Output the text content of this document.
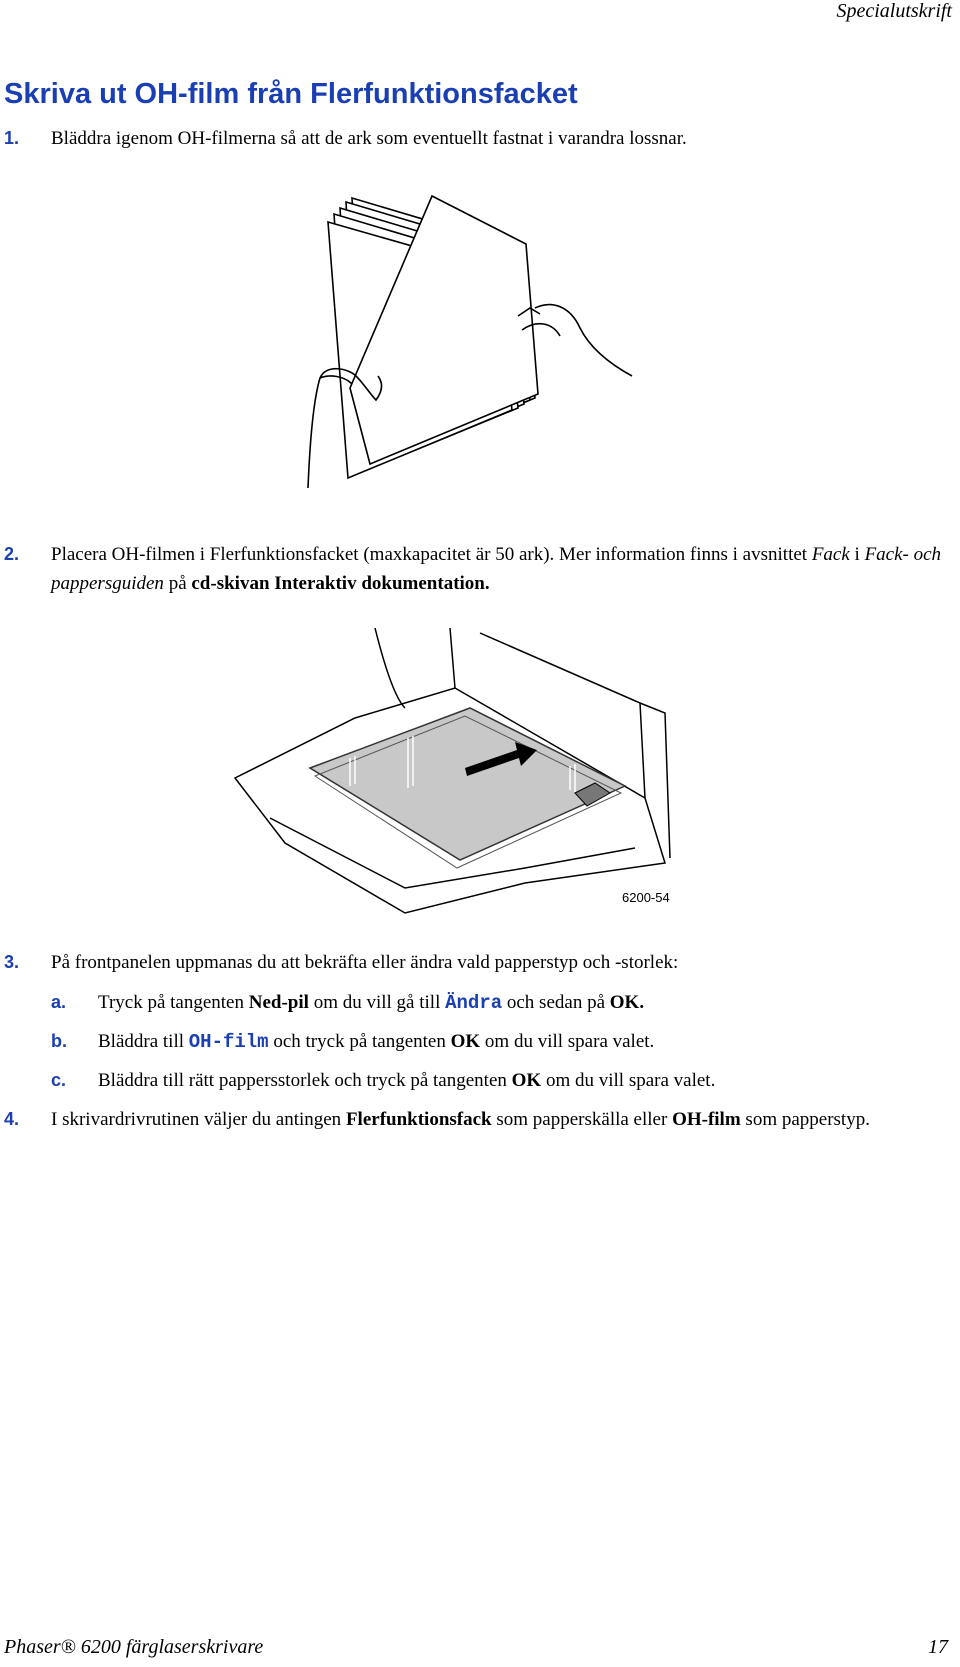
Specialutskrift
Skriva ut OH-film från Flerfunktionsfacket
1. Bläddra igenom OH-filmerna så att de ark som eventuellt fastnat i varandra lossnar.
2. Placera OH-filmen i Flerfunktionsfacket (maxkapacitet är 50 ark). Mer information finns i avsnittet Fack i Fack- och pappersguiden på cd-skivan Interaktiv dokumentation.
6200-54
3. På frontpanelen uppmanas du att bekräfta eller ändra vald papperstyp och -storlek:
a. Tryck på tangenten Ned-pil om du vill gå till Ändra och sedan på OK.
b. Bläddra till OH-film och tryck på tangenten OK om du vill spara valet.
c. Bläddra till rätt pappersstorlek och tryck på tangenten OK om du vill spara valet.
4. I skrivardrivrutinen väljer du antingen Flerfunktionsfack som papperskälla eller OH-film som papperstyp.
Phaser® 6200 färglaserskrivare	17
